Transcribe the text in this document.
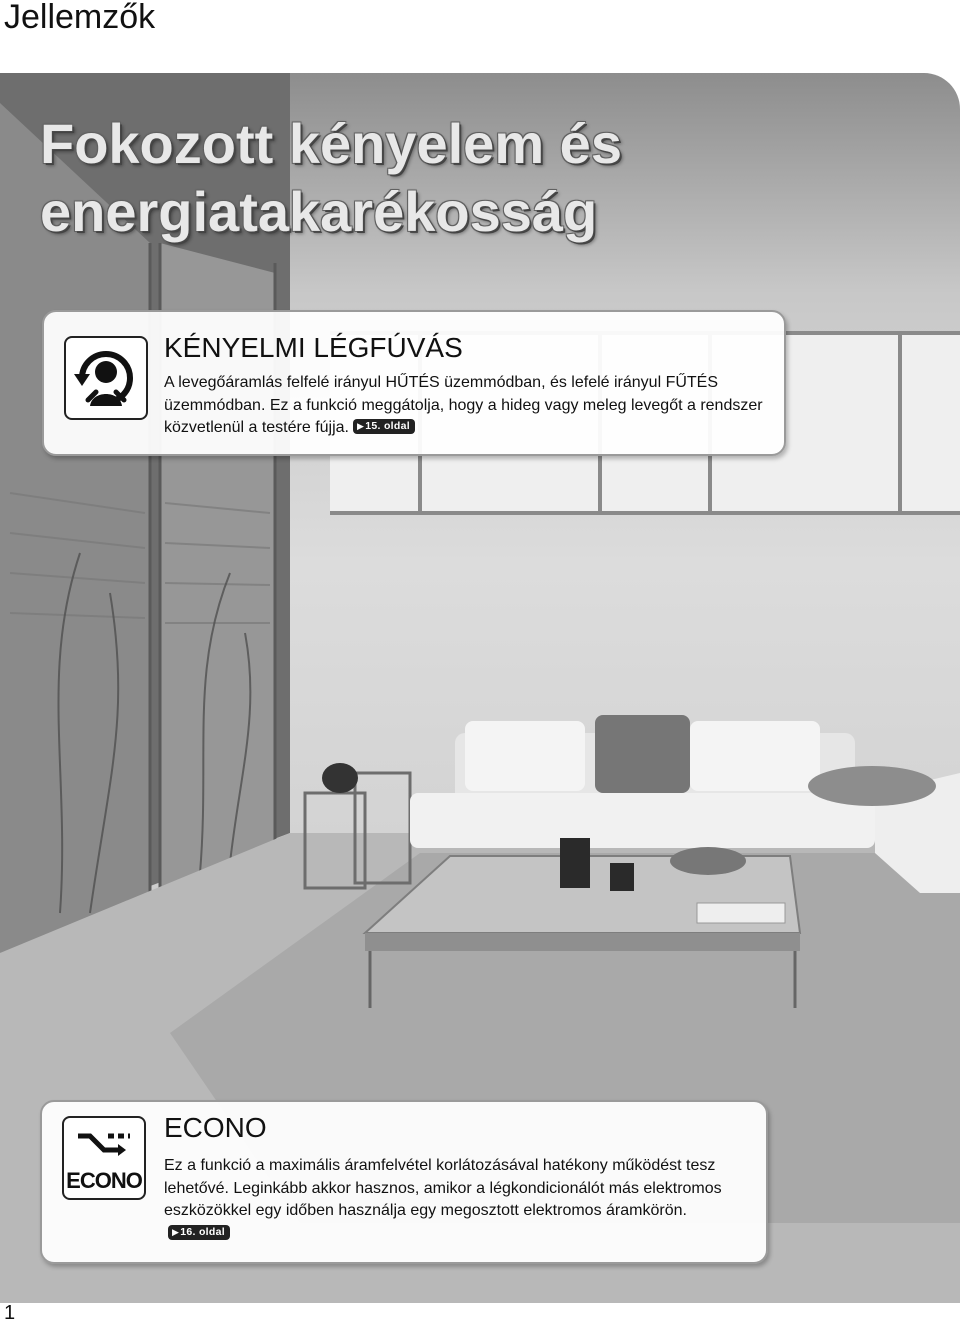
Jellemzők
Fokozott kényelem és energiatakarékosság
KÉNYELMI LÉGFÚVÁS

A levegőáramlás felfelé irányul HŰTÉS üzemmódban, és lefelé irányul FŰTÉS üzemmódban. Ez a funkció meggátolja, hogy a hideg vagy meleg levegőt a rendszer közvetlenül a testére fújja. ▶15. oldal

ECONO
ECONO

Ez a funkció a maximális áramfelvétel korlátozásával hatékony működést tesz lehetővé. Leginkább akkor hasznos, amikor a légkondicionálót más elektromos eszközökkel egy időben használja egy megosztott elektromos áramkörön.▶16. oldal

1
